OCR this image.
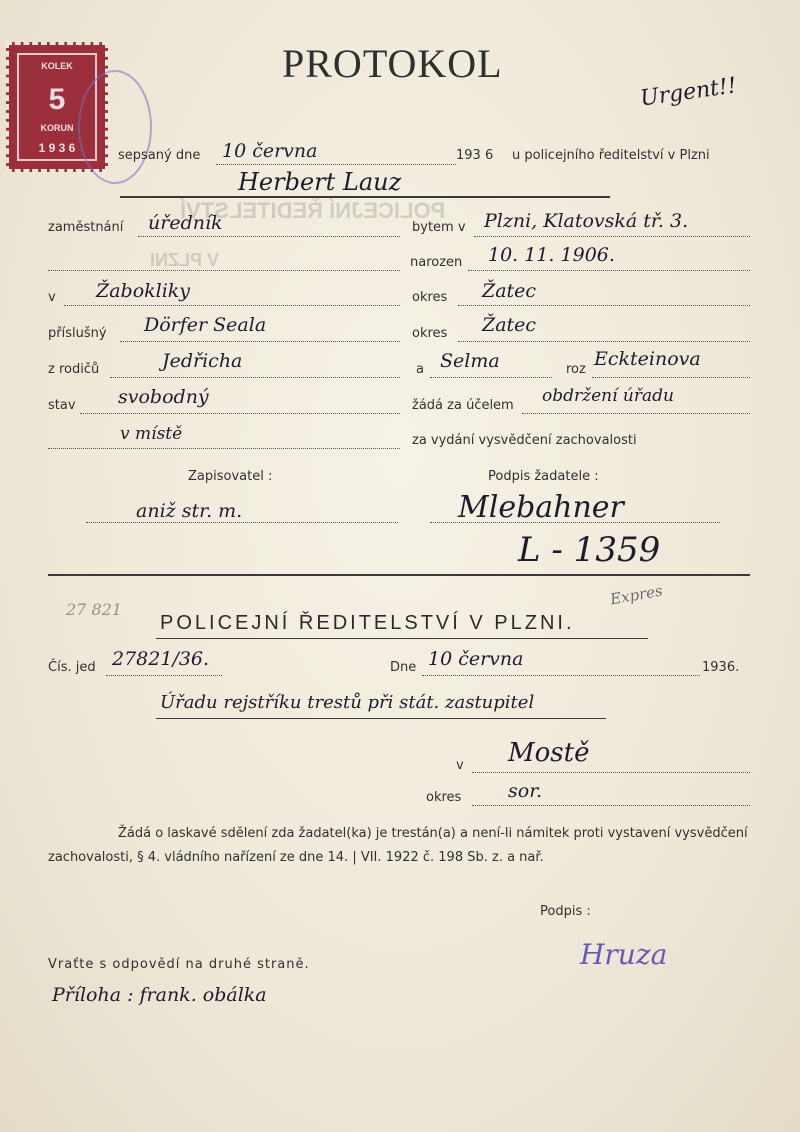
POLICEJNÍ ŘEDITELSTVÍ
V PLZNI
KOLEK
5
KORUN
1 9 3 6
PROTOKOL
Urgent!!
sepsaný dne 10 června	193 6 u policejního ředitelství v Plzni
Herbert Lauz
zaměstnání úředník	bytem v Plzni, Klatovská tř. 3.
narozen 10. 11. 1906.
v Žabokliky	okres Žatec
příslušný Dörfer Seala	okres Žatec
z rodičů	Jedřicha	a Selma	roz Eckteinova
stav svobodný	žádá za účelem obdržení úřadu
v místě	za vydání vysvědčení zachovalosti
Zapisovatel :	Podpis žadatele :
aniž str. m.	Mlebahner
L - 1359
27 821
Expres
POLICEJNÍ ŘEDITELSTVÍ V PLZNI.
Čís. jed 27821/36.	Dne 10 června	1936.
Úřadu rejstříku trestů při stát. zastupitel
v Mostě
okres sor.
Žádá o laskavé sdělení zda žadatel(ka) je trestán(a) a není-li námitek proti vystavení vysvědčení zachovalosti, § 4. vládního nařízení ze dne 14. | VII. 1922 č. 198 Sb. z. a nař.
Podpis :
Hruza
Vraťte s odpovědí na druhé straně.
Příloha : frank. obálka
